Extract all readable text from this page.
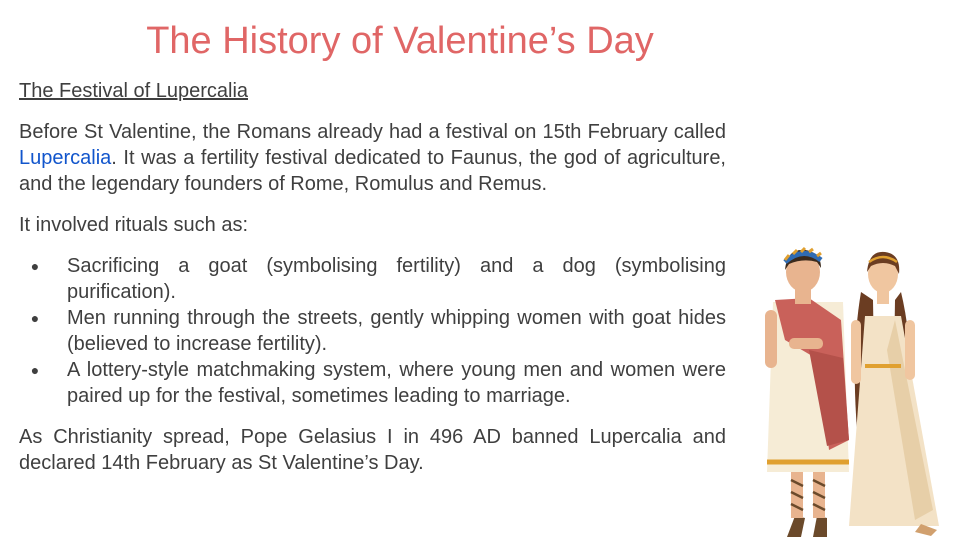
The History of Valentine’s Day

The Festival of Lupercalia

Before St Valentine, the Romans already had a festival on 15th February called Lupercalia. It was a fertility festival dedicated to Faunus, the god of agriculture, and the legendary founders of Rome, Romulus and Remus.

It involved rituals such as:

● Sacrificing a goat (symbolising fertility) and a dog (symbolising purification).
● Men running through the streets, gently whipping women with goat hides (believed to increase fertility).
● A lottery-style matchmaking system, where young men and women were paired up for the festival, sometimes leading to marriage.

As Christianity spread, Pope Gelasius I in 496 AD banned Lupercalia and declared 14th February as St Valentine’s Day.
